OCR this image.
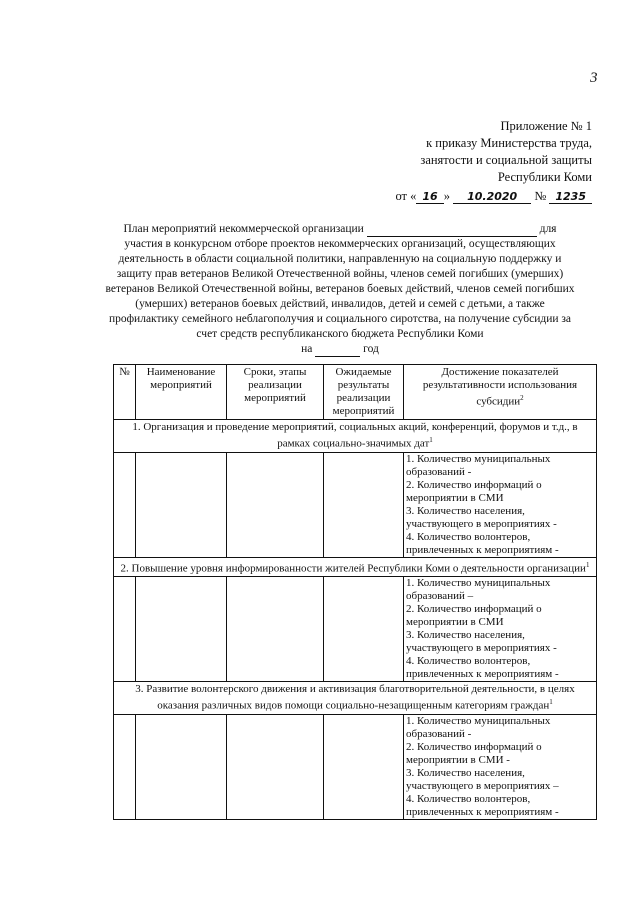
3
Приложение № 1
к приказу Министерства труда,
занятости и социальной защиты
Республики Коми
от « 16 » 10.2020 № 1235
План мероприятий некоммерческой организации	для участия в конкурсном отборе проектов некоммерческих организаций, осуществляющих деятельность в области социальной политики, направленную на социальную поддержку и защиту прав ветеранов Великой Отечественной войны, членов семей погибших (умерших) ветеранов Великой Отечественной войны, ветеранов боевых действий, членов семей погибших (умерших) ветеранов боевых действий, инвалидов, детей и семей с детьми, а также профилактику семейного неблагополучия и социального сиротства, на получение субсидии за счет средств республиканского бюджета Республики Коми
на	год
№	Наименование мероприятий	Сроки, этапы реализации мероприятий	Ожидаемые результаты реализации мероприятий	Достижение показателей результативности использования субсидии$^2$
1. Организация и проведение мероприятий, социальных акций, конференций, форумов и т.д., в рамках социально-значимых дат$^1$

				1. Количество муниципальных образований -
2. Количество информаций о мероприятии в СМИ
3. Количество населения, участвующего в мероприятиях -
4. Количество волонтеров, привлеченных к мероприятиям -

2. Повышение уровня информированности жителей Республики Коми о деятельности организации$^1$

				1. Количество муниципальных образований –
2. Количество информаций о мероприятии в СМИ
3. Количество населения, участвующего в мероприятиях -
4. Количество волонтеров, привлеченных к мероприятиям -

3. Развитие волонтерского движения и активизация благотворительной деятельности, в целях оказания различных видов помощи социально-незащищенным категориям граждан$^1$

				1. Количество муниципальных образований -
2. Количество информаций о мероприятии в СМИ -
3. Количество населения, участвующего в мероприятиях –
4. Количество волонтеров, привлеченных к мероприятиям -
